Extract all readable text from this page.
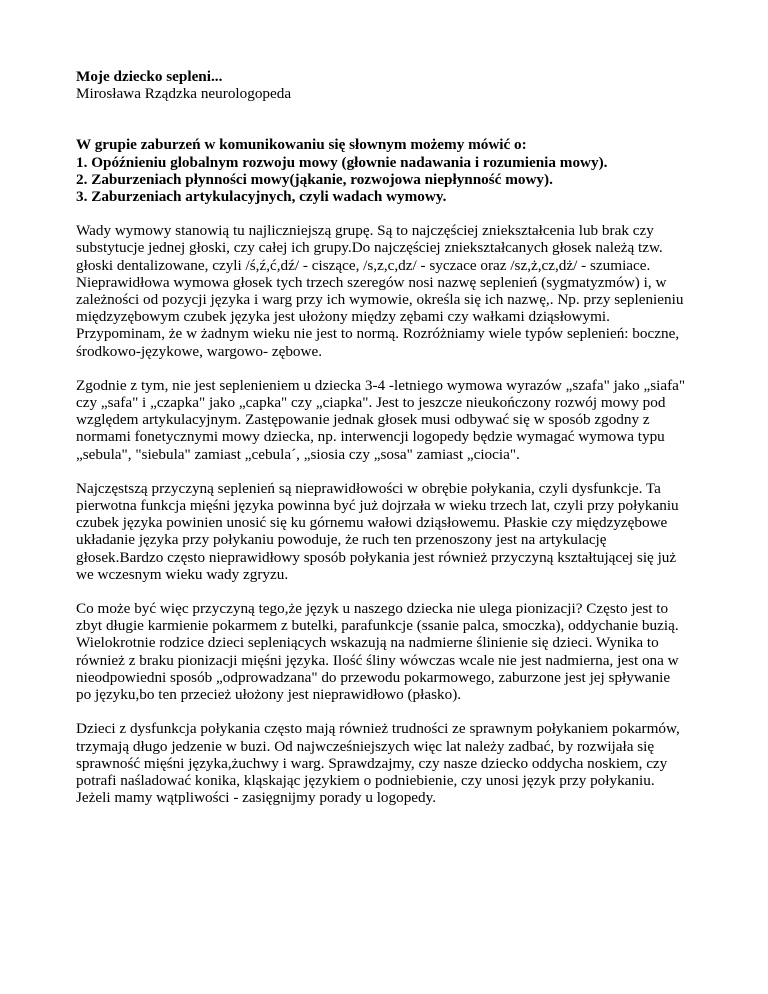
Moje dziecko sepleni...
Mirosława Rządzka neurologopeda
W grupie zaburzeń w komunikowaniu się słownym możemy mówić o:
1. Opóźnieniu globalnym rozwoju mowy (głownie nadawania i rozumienia mowy).
2. Zaburzeniach płynności mowy(jąkanie, rozwojowa niepłynność mowy).
3. Zaburzeniach artykulacyjnych, czyli wadach wymowy.

Wady wymowy stanowią tu najliczniejszą grupę. Są to najczęściej zniekształcenia lub brak czy
substytucje jednej głoski, czy całej ich grupy.Do najczęściej zniekształcanych głosek należą tzw.
głoski dentalizowane, czyli /ś,ź,ć,dź/ - ciszące, /s,z,c,dz/ - syczace oraz /sz,ż,cz,dż/ - szumiace.
Nieprawidłowa wymowa głosek tych trzech szeregów nosi nazwę seplenień (sygmatyzmów) i, w
zależności od pozycji języka i warg przy ich wymowie, określa się ich nazwę,. Np. przy seplenieniu
międzyzębowym czubek języka jest ułożony między zębami czy wałkami dziąsłowymi.
Przypominam, że w żadnym wieku nie jest to normą. Rozróżniamy wiele typów seplenień: boczne,
środkowo-językowe, wargowo- zębowe.

Zgodnie z tym, nie jest seplenieniem u dziecka 3-4 -letniego wymowa wyrazów „szafa" jako „siafa"
czy „safa" i „czapka" jako „capka" czy „ciapka". Jest to jeszcze nieukończony rozwój mowy pod
względem artykulacyjnym. Zastępowanie jednak głosek musi odbywać się w sposób zgodny z
normami fonetycznymi mowy dziecka, np. interwencji logopedy będzie wymagać wymowa typu
„sebula", "siebula" zamiast „cebula´, „siosia czy „sosa" zamiast „ciocia".

Najczęstszą przyczyną seplenień są nieprawidłowości w obrębie połykania, czyli dysfunkcje. Ta
pierwotna funkcja mięśni języka powinna być już dojrzała w wieku trzech lat, czyli przy połykaniu
czubek języka powinien unosić się ku górnemu wałowi dziąsłowemu. Płaskie czy międzyzębowe
układanie języka przy połykaniu powoduje, że ruch ten przenoszony jest na artykulację
głosek.Bardzo często nieprawidłowy sposób połykania jest również przyczyną kształtującej się już
we wczesnym wieku wady zgryzu.

Co może być więc przyczyną tego,że język u naszego dziecka nie ulega pionizacji? Często jest to
zbyt długie karmienie pokarmem z butelki, parafunkcje (ssanie palca, smoczka), oddychanie buzią.
Wielokrotnie rodzice dzieci sepleniących wskazują na nadmierne ślinienie się dzieci. Wynika to
również z braku pionizacji mięśni języka. Ilość śliny wówczas wcale nie jest nadmierna, jest ona w
nieodpowiedni sposób „odprowadzana" do przewodu pokarmowego, zaburzone jest jej spływanie
po języku,bo ten przecież ułożony jest nieprawidłowo (płasko).

Dzieci z dysfunkcja połykania często mają również trudności ze sprawnym połykaniem pokarmów,
trzymają długo jedzenie w buzi. Od najwcześniejszych więc lat należy zadbać, by rozwijała się
sprawność mięśni języka,żuchwy i warg. Sprawdzajmy, czy nasze dziecko oddycha noskiem, czy
potrafi naśladować konika, kląskając językiem o podniebienie, czy unosi język przy połykaniu.
Jeżeli mamy wątpliwości - zasięgnijmy porady u logopedy.
